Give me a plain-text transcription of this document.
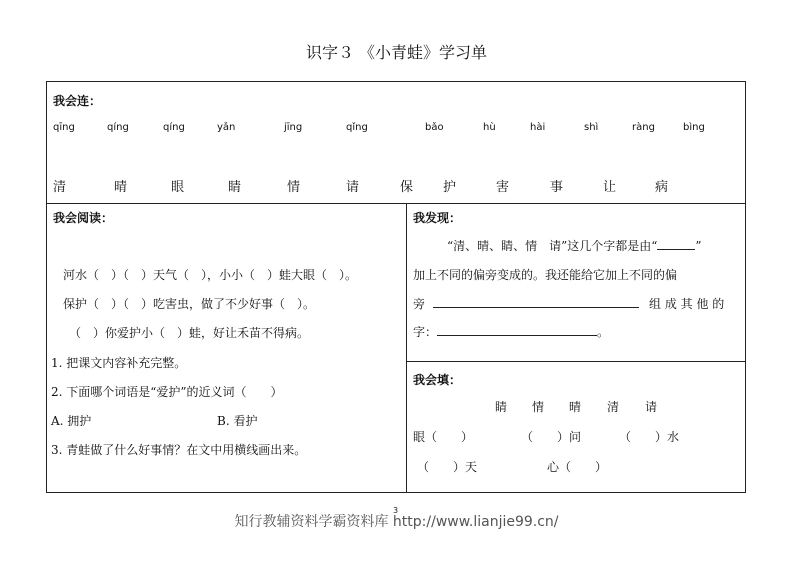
识字３ 《小青蛙》学习单
我会连：
qīng	qíng	qíng	yǎn	jīng	qǐng	bǎo	hù	hài	shì	ràng	bìng
清	晴	眼	睛	情	请	保 护	害	事	让	病
我会阅读：
河水（　）（　）天气（　），小小（　）蛙大眼（　）。
保护（　）（　）吃害虫，做了不少好事（　）。
（　）你爱护小（　）蛙，好让禾苗不得病。
1. 把课文内容补充完整。
2. 下面哪个词语是“爱护”的近义词（　　）
A. 拥护	B. 看护
3. 青蛙做了什么好事情？在文中用横线画出来。
我发现：
“清、晴、睛、情　请”这几个字都是由“	”
加上不同的偏旁变成的。我还能给它加上不同的偏
旁	组 成 其 他 的
字：	。
我会填：
睛 情 晴 清 请
眼（　　）	（　　）问	（　　）水
（　　）天	心（　　）
3
知行教辅资料学霸资料库 http://www.lianjie99.cn/
